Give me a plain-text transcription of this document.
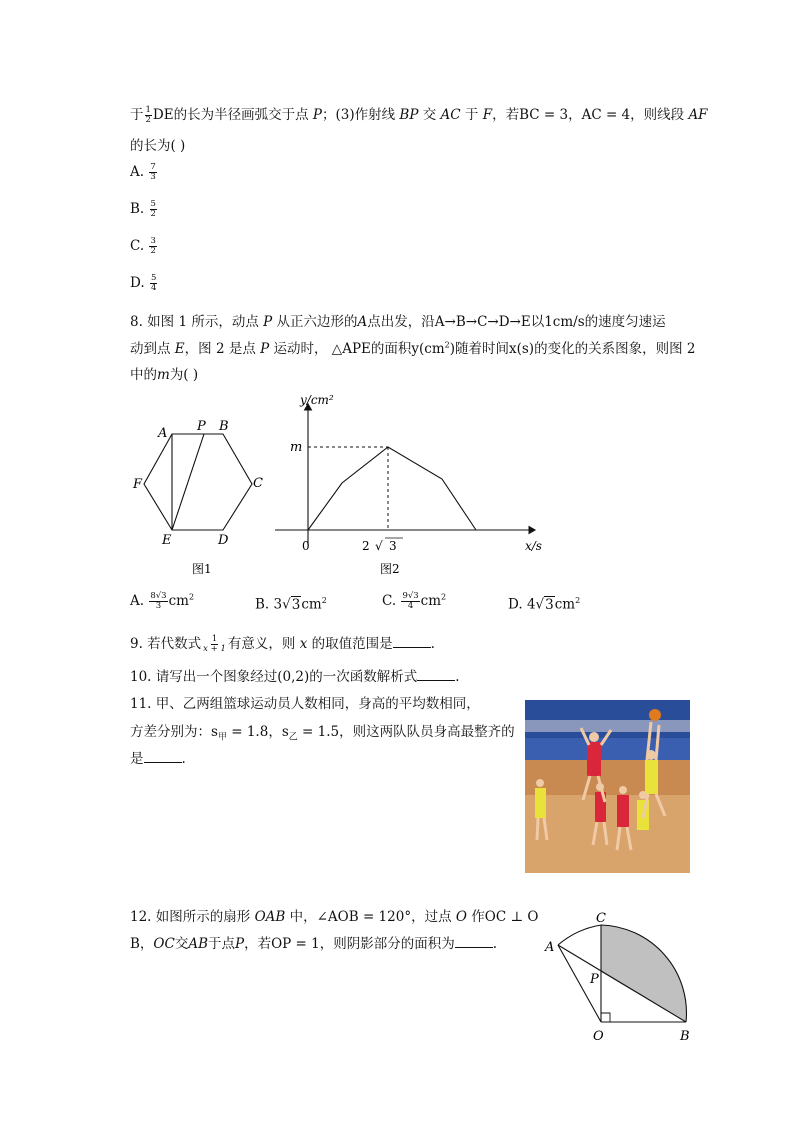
于 $\frac{1}{2}$ DE的长为半径画弧交于点 P；(3)作射线 BP 交 AC 于 F，若BC = 3，AC = 4，则线段 AF
的长为( )
A. $\frac{7}{3}$
B. $\frac{5}{2}$
C. $\frac{3}{2}$
D. $\frac{5}{4}$
8. 如图 1 所示，动点 P 从正六边形的A点出发，沿A→B→C→D→E以1cm/s的速度匀速运
动到点 E，图 2 是点 P 运动时， △APE的面积$y(cm^2)$随着时间x(s)的变化的关系图象，则图 2
中的m为( )
A P B
C
D
E
F
图1
y/cm²
m
0	2 √ 3	x/s
图2
A. $\frac{8√3}{3} cm^2$	B. $3√3cm^2$	C. $\frac{9√3}{4} cm^2$	D. $4√3cm^2$
9. 若代数式 $\frac{1}{x + 1}$ 有意义，则 x 的取值范围是	.
10. 请写出一个图象经过(0,2)的一次函数解析式	.
11. 甲、乙两组篮球运动员人数相同，身高的平均数相同，
方差分别为：$s_甲 = 1.8$，$s_乙 = 1.5$，则这两队队员身高最整齐的
是	.
12. 如图所示的扇形 OAB 中，∠AOB = 120°，过点 O 作OC ⊥ O
B，OC交AB于点P，若OP = 1，则阴影部分的面积为	.
C
A
P
O	B
